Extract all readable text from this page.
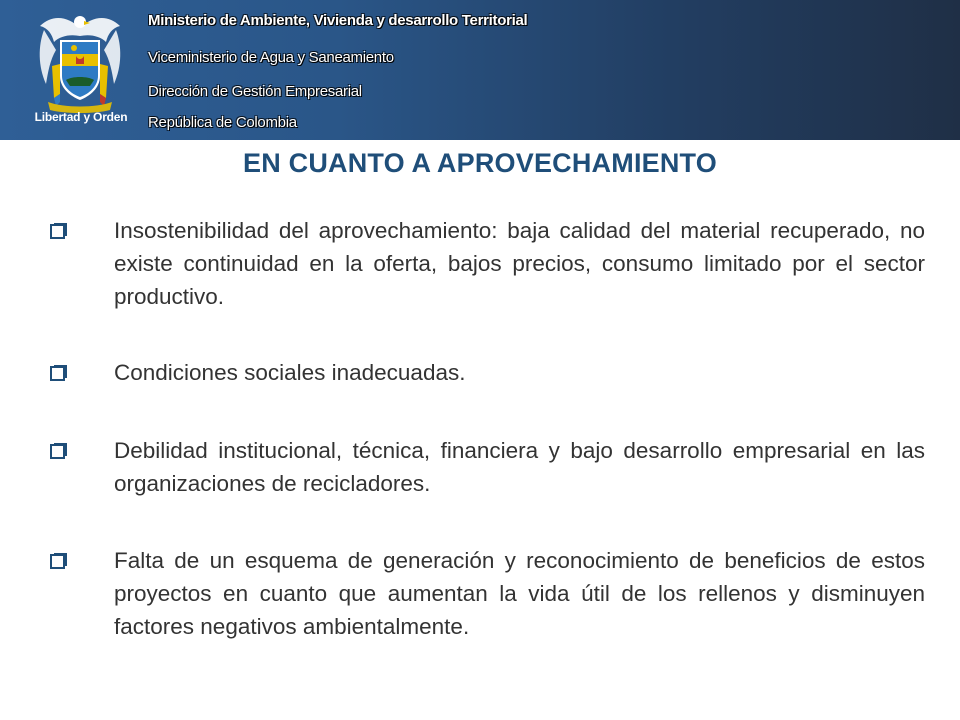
Libertad y Orden
Ministerio de Ambiente, Vivienda y desarrollo Territorial
Viceministerio de Agua y Saneamiento
Dirección de Gestión Empresarial
República de Colombia
EN CUANTO A APROVECHAMIENTO
Insostenibilidad del aprovechamiento: baja calidad del material recuperado, no existe continuidad en la oferta, bajos precios, consumo limitado por el sector productivo.
Condiciones sociales inadecuadas.
Debilidad institucional, técnica, financiera y bajo desarrollo empresarial en las organizaciones de recicladores.
Falta de un esquema de generación y reconocimiento de beneficios de estos proyectos en cuanto que aumentan la vida útil de los rellenos y disminuyen factores negativos ambientalmente.
